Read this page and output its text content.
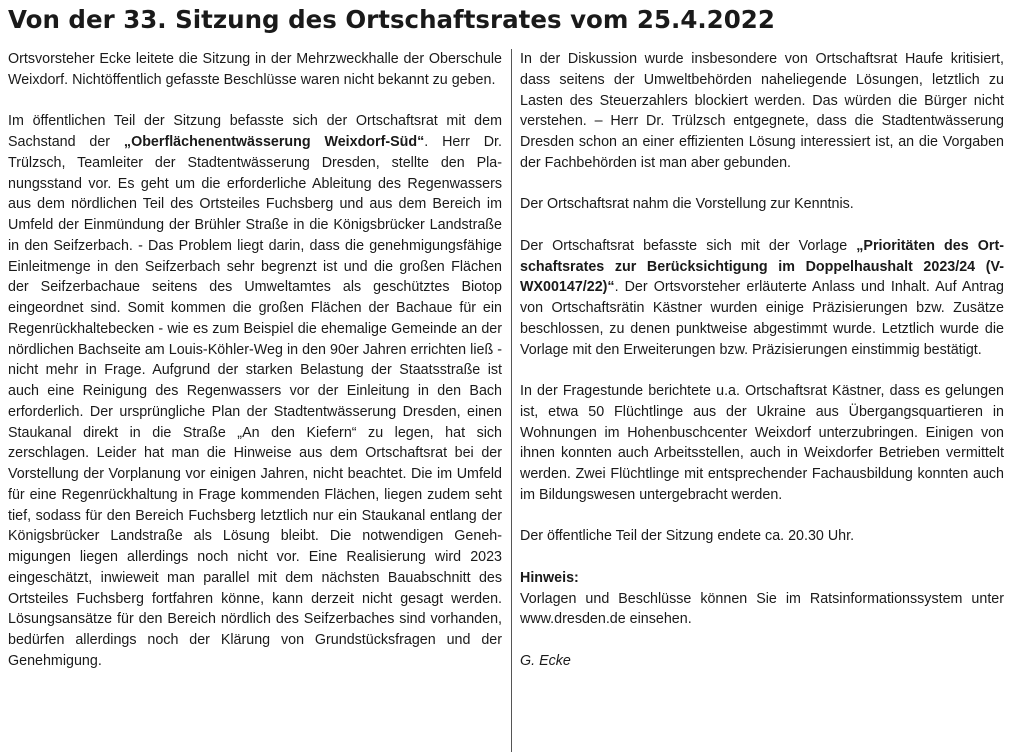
Von der 33. Sitzung des Ortschaftsrates vom 25.4.2022

Ortsvorsteher Ecke leitete die Sitzung in der Mehrzweckhalle der Oberschule Weixdorf. Nichtöffentlich gefasste Beschlüsse waren nicht bekannt zu geben.

Im öffentlichen Teil der Sitzung befasste sich der Ortschaftsrat mit dem Sachstand der „Oberflächenentwässerung Weixdorf-Süd“. Herr Dr. Trülzsch, Teamleiter der Stadtentwässerung Dresden, stellte den Planungsstand vor. Es geht um die erforderliche Ableitung des Regenwassers aus dem nördlichen Teil des Ortsteiles Fuchsberg und aus dem Bereich im Umfeld der Einmündung der Brühler Straße in die Königsbrücker Landstraße in den Seifzerbach. - Das Problem liegt darin, dass die genehmigungsfähige Einleitmenge in den Seifzerbach sehr begrenzt ist und die großen Flächen der Seifzerbachaue seitens des Umweltamtes als geschütztes Biotop eingeordnet sind. Somit kommen die großen Flächen der Bachaue für ein Regenrückhaltebecken - wie es zum Beispiel die ehemalige Gemeinde an der nördlichen Bachseite am Louis-Köhler-Weg in den 90er Jahren errichten ließ - nicht mehr in Frage. Aufgrund der starken Belastung der Staatsstraße ist auch eine Reinigung des Regenwassers vor der Einleitung in den Bach erforderlich. Der ursprüngliche Plan der Stadtentwässerung Dresden, einen Staukanal direkt in die Straße „An den Kiefern“ zu legen, hat sich zerschlagen. Leider hat man die Hinweise aus dem Ortschaftsrat bei der Vorstellung der Vorplanung vor einigen Jahren, nicht beachtet. Die im Umfeld für eine Regenrückhaltung in Frage kommenden Flächen, liegen zudem seht tief, sodass für den Bereich Fuchsberg letztlich nur ein Staukanal entlang der Königsbrücker Landstraße als Lösung bleibt. Die notwendigen Genehmigungen liegen allerdings noch nicht vor. Eine Realisierung wird 2023 eingeschätzt, inwieweit man parallel mit dem nächsten Bauabschnitt des Ortsteiles Fuchsberg fortfahren könne, kann derzeit nicht gesagt werden. Lösungsansätze für den Bereich nördlich des Seifzerbaches sind vorhanden, bedürfen allerdings noch der Klärung von Grundstücksfragen und der Genehmigung.

In der Diskussion wurde insbesondere von Ortschaftsrat Haufe kritisiert, dass seitens der Umweltbehörden naheliegende Lösungen, letztlich zu Lasten des Steuerzahlers blockiert werden. Das würden die Bürger nicht verstehen. – Herr Dr. Trülzsch entgegnete, dass die Stadtentwässerung Dresden schon an einer effizienten Lösung interessiert ist, an die Vorgaben der Fachbehörden ist man aber gebunden.

Der Ortschaftsrat nahm die Vorstellung zur Kenntnis.

Der Ortschaftsrat befasste sich mit der Vorlage „Prioritäten des Ortschaftsrates zur Berücksichtigung im Doppelhaushalt 2023/24 (V-WX00147/22)“. Der Ortsvorsteher erläuterte Anlass und Inhalt. Auf Antrag von Ortschaftsrätin Kästner wurden einige Präzisierungen bzw. Zusätze beschlossen, zu denen punktweise abgestimmt wurde. Letztlich wurde die Vorlage mit den Erweiterungen bzw. Präzisierungen einstimmig bestätigt.

In der Fragestunde berichtete u.a. Ortschaftsrat Kästner, dass es gelungen ist, etwa 50 Flüchtlinge aus der Ukraine aus Übergangsquartieren in Wohnungen im Hohenbuschcenter Weixdorf unterzubringen. Einigen von ihnen konnten auch Arbeitsstellen, auch in Weixdorfer Betrieben vermittelt werden. Zwei Flüchtlinge mit entsprechender Fachausbildung konnten auch im Bildungswesen untergebracht werden.

Der öffentliche Teil der Sitzung endete ca. 20.30 Uhr.

Hinweis:
Vorlagen und Beschlüsse können Sie im Ratsinformationssystem unter www.dresden.de einsehen.

G. Ecke
